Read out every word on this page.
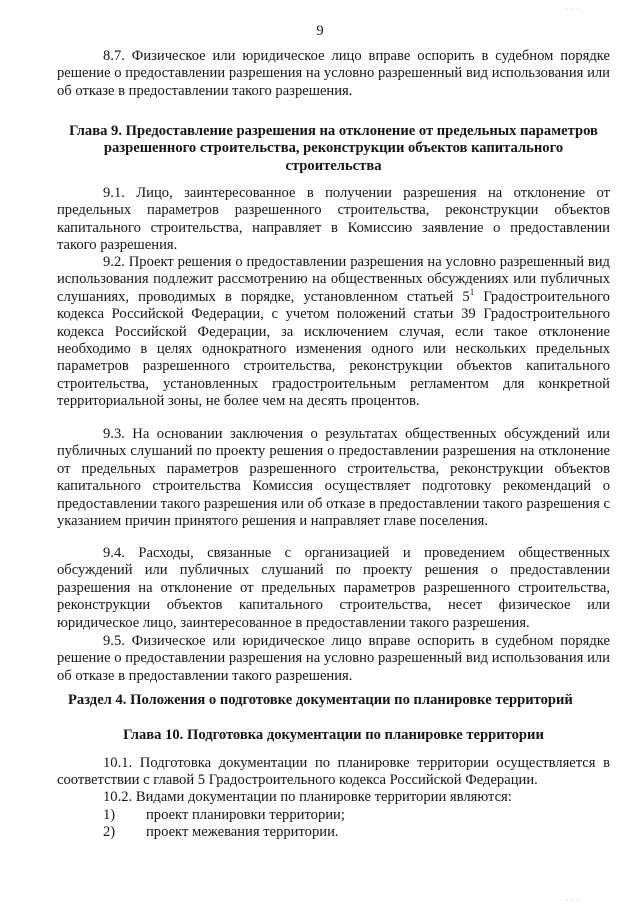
· · ·
· · ·
9
8.7. Физическое или юридическое лицо вправе оспорить в судебном порядке решение о предоставлении разрешения на условно разрешенный вид использования или об отказе в предоставлении такого разрешения.
Глава 9. Предоставление разрешения на отклонение от предельных параметров разрешенного строительства, реконструкции объектов капитального строительства
9.1. Лицо, заинтересованное в получении разрешения на отклонение от предельных параметров разрешенного строительства, реконструкции объектов капитального строительства, направляет в Комиссию заявление о предоставлении такого разрешения.
9.2. Проект решения о предоставлении разрешения на условно разрешенный вид использования подлежит рассмотрению на общественных обсуждениях или публичных слушаниях, проводимых в порядке, установленном статьей $5^1$ Градостроительного кодекса Российской Федерации, с учетом положений статьи 39 Градостроительного кодекса Российской Федерации, за исключением случая, если такое отклонение необходимо в целях однократного изменения одного или нескольких предельных параметров разрешенного строительства, реконструкции объектов капитального строительства, установленных градостроительным регламентом для конкретной территориальной зоны, не более чем на десять процентов.
9.3. На основании заключения о результатах общественных обсуждений или публичных слушаний по проекту решения о предоставлении разрешения на отклонение от предельных параметров разрешенного строительства, реконструкции объектов капитального строительства Комиссия осуществляет подготовку рекомендаций о предоставлении такого разрешения или об отказе в предоставлении такого разрешения с указанием причин принятого решения и направляет главе поселения.
9.4. Расходы, связанные с организацией и проведением общественных обсуждений или публичных слушаний по проекту решения о предоставлении разрешения на отклонение от предельных параметров разрешенного строительства, реконструкции объектов капитального строительства, несет физическое или юридическое лицо, заинтересованное в предоставлении такого разрешения.
9.5. Физическое или юридическое лицо вправе оспорить в судебном порядке решение о предоставлении разрешения на условно разрешенный вид использования или об отказе в предоставлении такого разрешения.
Раздел 4. Положения о подготовке документации по планировке территорий
Глава 10. Подготовка документации по планировке территории
10.1. Подготовка документации по планировке территории осуществляется в соответствии с главой 5 Градостроительного кодекса Российской Федерации.
10.2. Видами документации по планировке территории являются:
1)	проект планировки территории;
2)	проект межевания территории.
